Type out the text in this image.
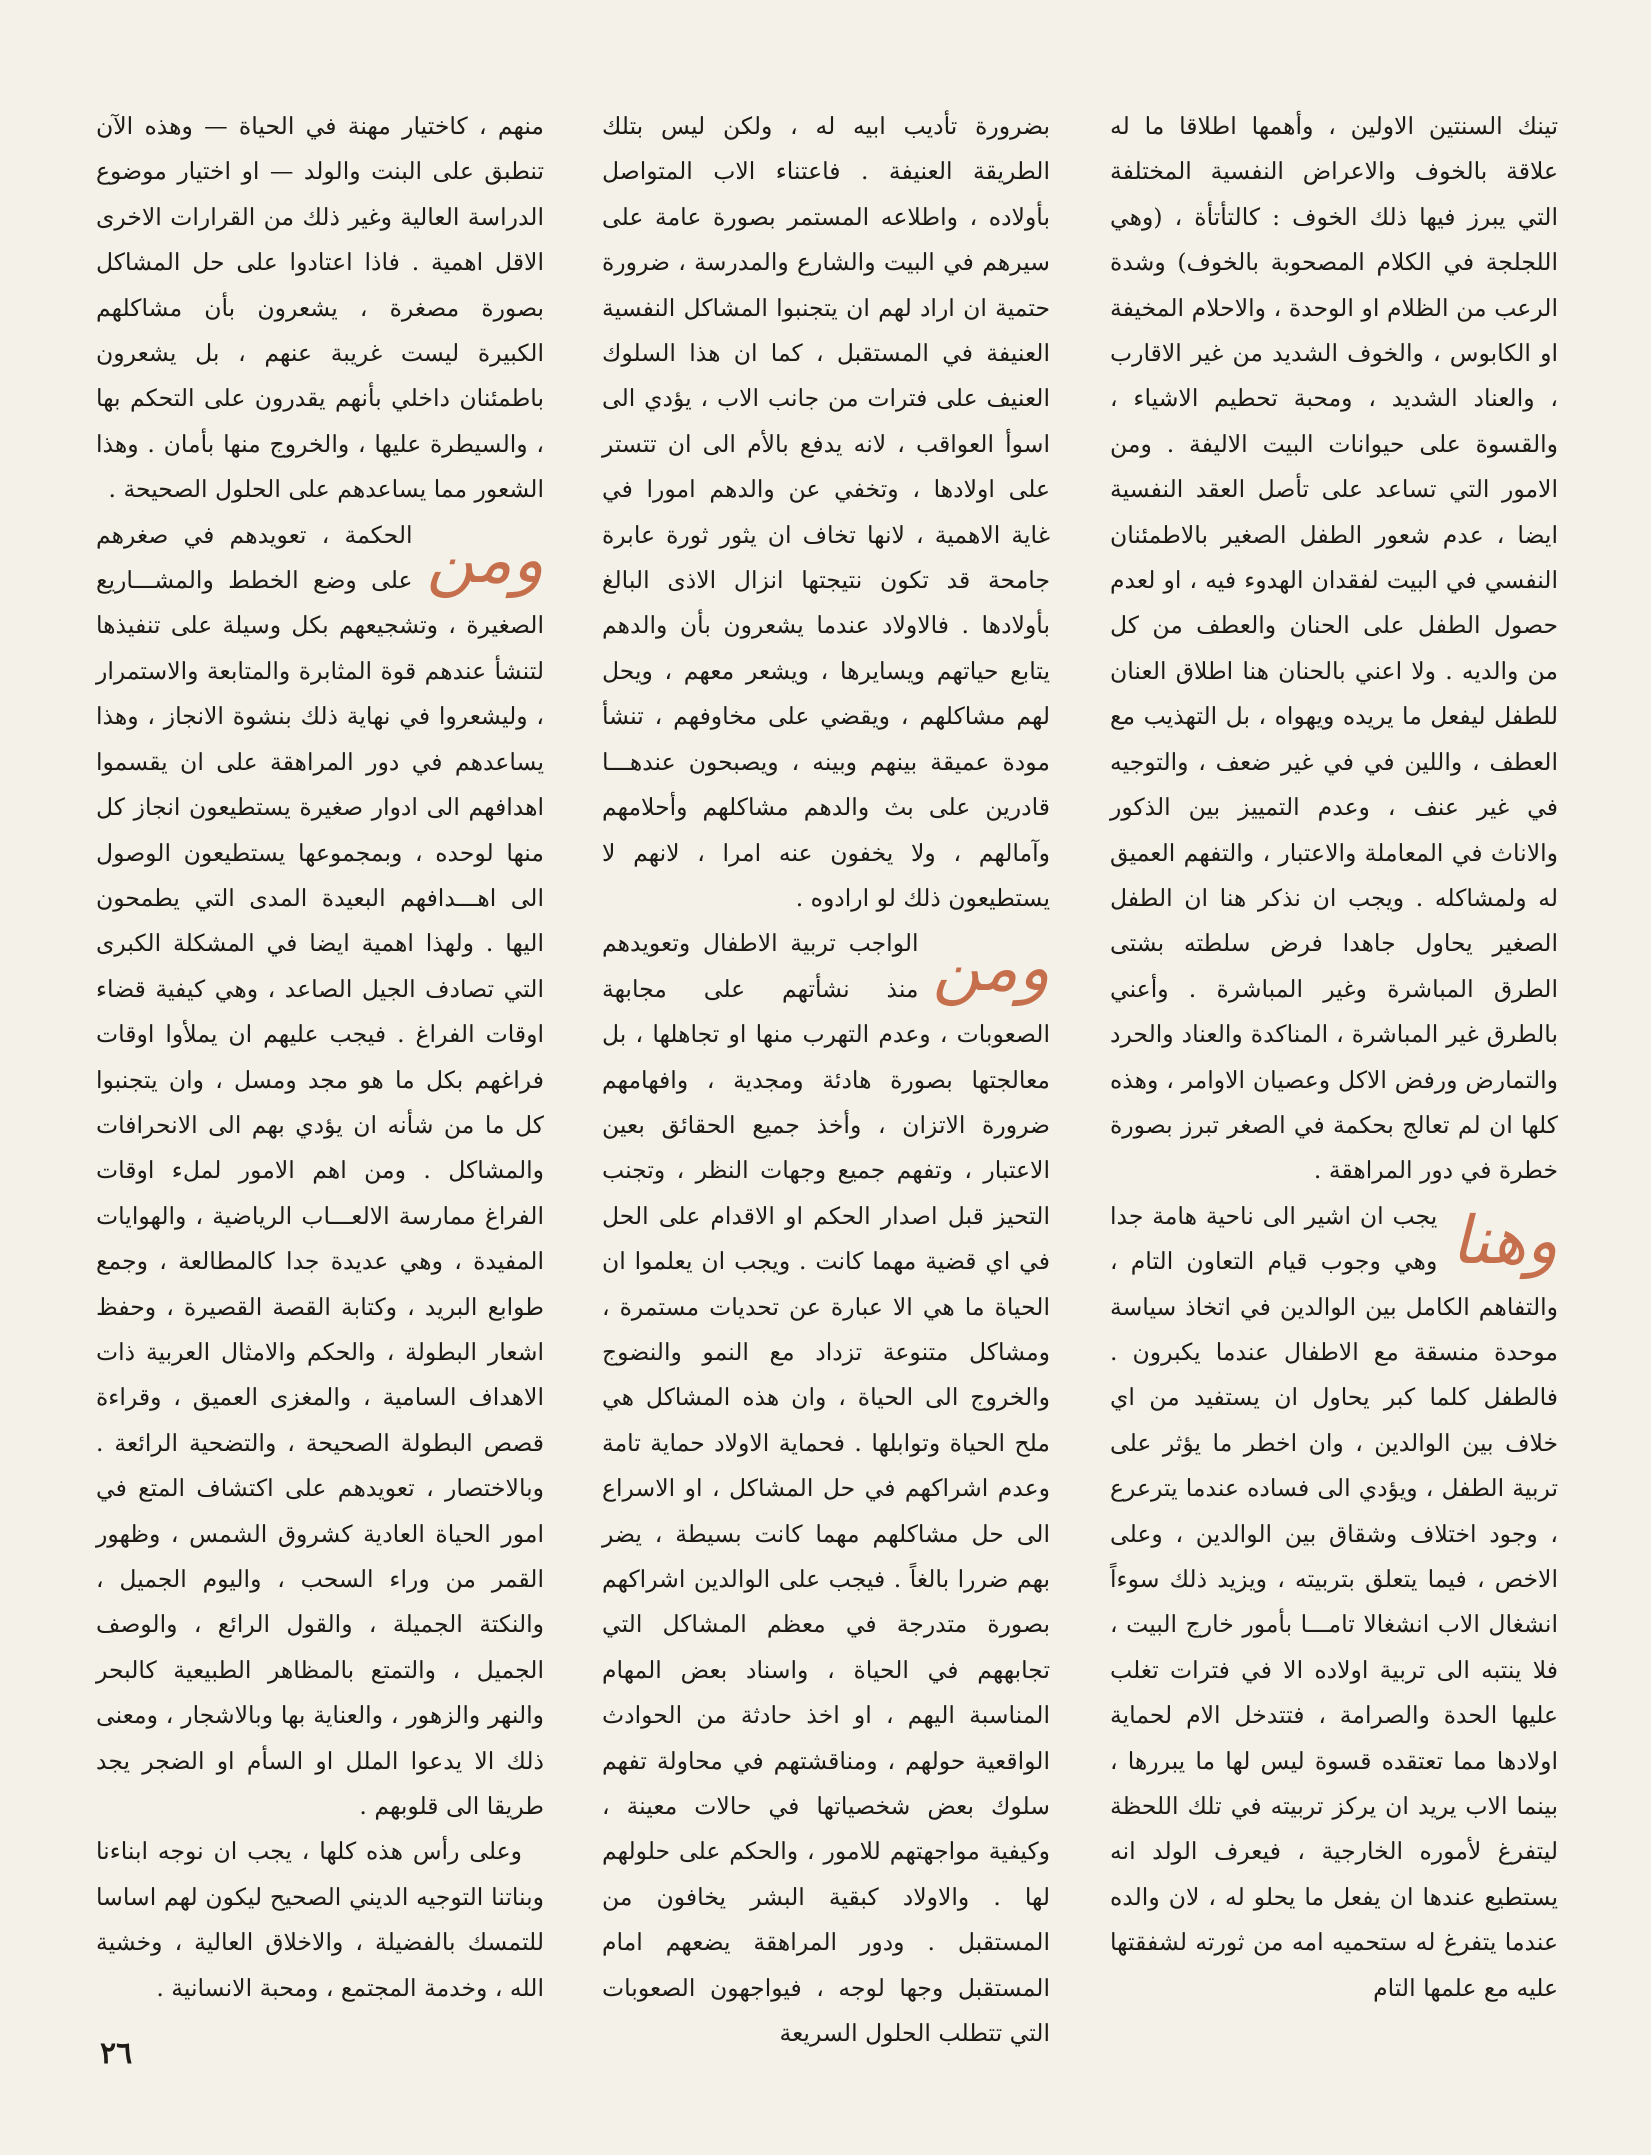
تينك السنتين الاولين ، وأهمها اطلاقا ما له علاقة بالخوف والاعراض النفسية المختلفة التي يبرز فيها ذلك الخوف : كالتأتأة ، (وهي اللجلجة في الكلام المصحوبة بالخوف) وشدة الرعب من الظلام او الوحدة ، والاحلام المخيفة او الكابوس ، والخوف الشديد من غير الاقارب ، والعناد الشديد ، ومحبة تحطيم الاشياء ، والقسوة على حيوانات البيت الاليفة . ومن الامور التي تساعد على تأصل العقد النفسية ايضا ، عدم شعور الطفل الصغير بالاطمئنان النفسي في البيت لفقدان الهدوء فيه ، او لعدم حصول الطفل على الحنان والعطف من كل من والديه . ولا اعني بالحنان هنا اطلاق العنان للطفل ليفعل ما يريده ويهواه ، بل التهذيب مع العطف ، واللين في في غير ضعف ، والتوجيه في غير عنف ، وعدم التمييز بين الذكور والاناث في المعاملة والاعتبار ، والتفهم العميق له ولمشاكله . ويجب ان نذكر هنا ان الطفل الصغير يحاول جاهدا فرض سلطته بشتى الطرق المباشرة وغير المباشرة . وأعني بالطرق غير المباشرة ، المناكدة والعناد والحرد والتمارض ورفض الاكل وعصيان الاوامر ، وهذه كلها ان لم تعالج بحكمة في الصغر تبرز بصورة خطرة في دور المراهقة .

وهنا
يجب ان اشير الى ناحية هامة جدا وهي وجوب قيام التعاون التام ، والتفاهم الكامل بين الوالدين في اتخاذ سياسة موحدة منسقة مع الاطفال عندما يكبرون . فالطفل كلما كبر يحاول ان يستفيد من اي خلاف بين الوالدين ، وان اخطر ما يؤثر على تربية الطفل ، ويؤدي الى فساده عندما يترعرع ، وجود اختلاف وشقاق بين الوالدين ، وعلى الاخص ، فيما يتعلق بتربيته ، ويزيد ذلك سوءاً انشغال الاب انشغالا تامـــا بأمور خارج البيت ، فلا ينتبه الى تربية اولاده الا في فترات تغلب عليها الحدة والصرامة ، فتتدخل الام لحماية اولادها مما تعتقده قسوة ليس لها ما يبررها ، بينما الاب يريد ان يركز تربيته في تلك اللحظة ليتفرغ لأموره الخارجية ، فيعرف الولد انه يستطيع عندها ان يفعل ما يحلو له ، لان والده عندما يتفرغ له ستحميه امه من ثورته لشفقتها عليه مع علمها التام

بضرورة تأديب ابيه له ، ولكن ليس بتلك الطريقة العنيفة . فاعتناء الاب المتواصل بأولاده ، واطلاعه المستمر بصورة عامة على سيرهم في البيت والشارع والمدرسة ، ضرورة حتمية ان اراد لهم ان يتجنبوا المشاكل النفسية العنيفة في المستقبل ، كما ان هذا السلوك العنيف على فترات من جانب الاب ، يؤدي الى اسوأ العواقب ، لانه يدفع بالأم الى ان تتستر على اولادها ، وتخفي عن والدهم امورا في غاية الاهمية ، لانها تخاف ان يثور ثورة عابرة جامحة قد تكون نتيجتها انزال الاذى البالغ بأولادها . فالاولاد عندما يشعرون بأن والدهم يتابع حياتهم ويسايرها ، ويشعر معهم ، ويحل لهم مشاكلهم ، ويقضي على مخاوفهم ، تنشأ مودة عميقة بينهم وبينه ، ويصبحون عندهـــا قادرين على بث والدهم مشاكلهم وأحلامهم وآمالهم ، ولا يخفون عنه امرا ، لانهم لا يستطيعون ذلك لو ارادوه .

ومن
الواجب تربية الاطفال وتعويدهم منذ نشأتهم على مجابهة الصعوبات ، وعدم التهرب منها او تجاهلها ، بل معالجتها بصورة هادئة ومجدية ، وافهامهم ضرورة الاتزان ، وأخذ جميع الحقائق بعين الاعتبار ، وتفهم جميع وجهات النظر ، وتجنب التحيز قبل اصدار الحكم او الاقدام على الحل في اي قضية مهما كانت . ويجب ان يعلموا ان الحياة ما هي الا عبارة عن تحديات مستمرة ، ومشاكل متنوعة تزداد مع النمو والنضوج والخروج الى الحياة ، وان هذه المشاكل هي ملح الحياة وتوابلها . فحماية الاولاد حماية تامة وعدم اشراكهم في حل المشاكل ، او الاسراع الى حل مشاكلهم مهما كانت بسيطة ، يضر بهم ضررا بالغاً . فيجب على الوالدين اشراكهم بصورة متدرجة في معظم المشاكل التي تجابههم في الحياة ، واسناد بعض المهام المناسبة اليهم ، او اخذ حادثة من الحوادث الواقعية حولهم ، ومناقشتهم في محاولة تفهم سلوك بعض شخصياتها في حالات معينة ، وكيفية مواجهتهم للامور ، والحكم على حلولهم لها . والاولاد كبقية البشر يخافون من المستقبل . ودور المراهقة يضعهم امام المستقبل وجها لوجه ، فيواجهون الصعوبات التي تتطلب الحلول السريعة

منهم ، كاختيار مهنة في الحياة — وهذه الآن تنطبق على البنت والولد — او اختيار موضوع الدراسة العالية وغير ذلك من القرارات الاخرى الاقل اهمية . فاذا اعتادوا على حل المشاكل بصورة مصغرة ، يشعرون بأن مشاكلهم الكبيرة ليست غريبة عنهم ، بل يشعرون باطمئنان داخلي بأنهم يقدرون على التحكم بها ، والسيطرة عليها ، والخروج منها بأمان . وهذا الشعور مما يساعدهم على الحلول الصحيحة .

ومن
الحكمة ، تعويدهم في صغرهم على وضع الخطط والمشـــاريع الصغيرة ، وتشجيعهم بكل وسيلة على تنفيذها لتنشأ عندهم قوة المثابرة والمتابعة والاستمرار ، وليشعروا في نهاية ذلك بنشوة الانجاز ، وهذا يساعدهم في دور المراهقة على ان يقسموا اهدافهم الى ادوار صغيرة يستطيعون انجاز كل منها لوحده ، وبمجموعها يستطيعون الوصول الى اهـــدافهم البعيدة المدى التي يطمحون اليها . ولهذا اهمية ايضا في المشكلة الكبرى التي تصادف الجيل الصاعد ، وهي كيفية قضاء اوقات الفراغ . فيجب عليهم ان يملأوا اوقات فراغهم بكل ما هو مجد ومسل ، وان يتجنبوا كل ما من شأنه ان يؤدي بهم الى الانحرافات والمشاكل . ومن اهم الامور لملء اوقات الفراغ ممارسة الالعـــاب الرياضية ، والهوايات المفيدة ، وهي عديدة جدا كالمطالعة ، وجمع طوابع البريد ، وكتابة القصة القصيرة ، وحفظ اشعار البطولة ، والحكم والامثال العربية ذات الاهداف السامية ، والمغزى العميق ، وقراءة قصص البطولة الصحيحة ، والتضحية الرائعة . وبالاختصار ، تعويدهم على اكتشاف المتع في امور الحياة العادية كشروق الشمس ، وظهور القمر من وراء السحب ، واليوم الجميل ، والنكتة الجميلة ، والقول الرائع ، والوصف الجميل ، والتمتع بالمظاهر الطبيعية كالبحر والنهر والزهور ، والعناية بها وبالاشجار ، ومعنى ذلك الا يدعوا الملل او السأم او الضجر يجد طريقا الى قلوبهم .

وعلى رأس هذه كلها ، يجب ان نوجه ابناءنا وبناتنا التوجيه الديني الصحيح ليكون لهم اساسا للتمسك بالفضيلة ، والاخلاق العالية ، وخشية الله ، وخدمة المجتمع ، ومحبة الانسانية .

٢٦
